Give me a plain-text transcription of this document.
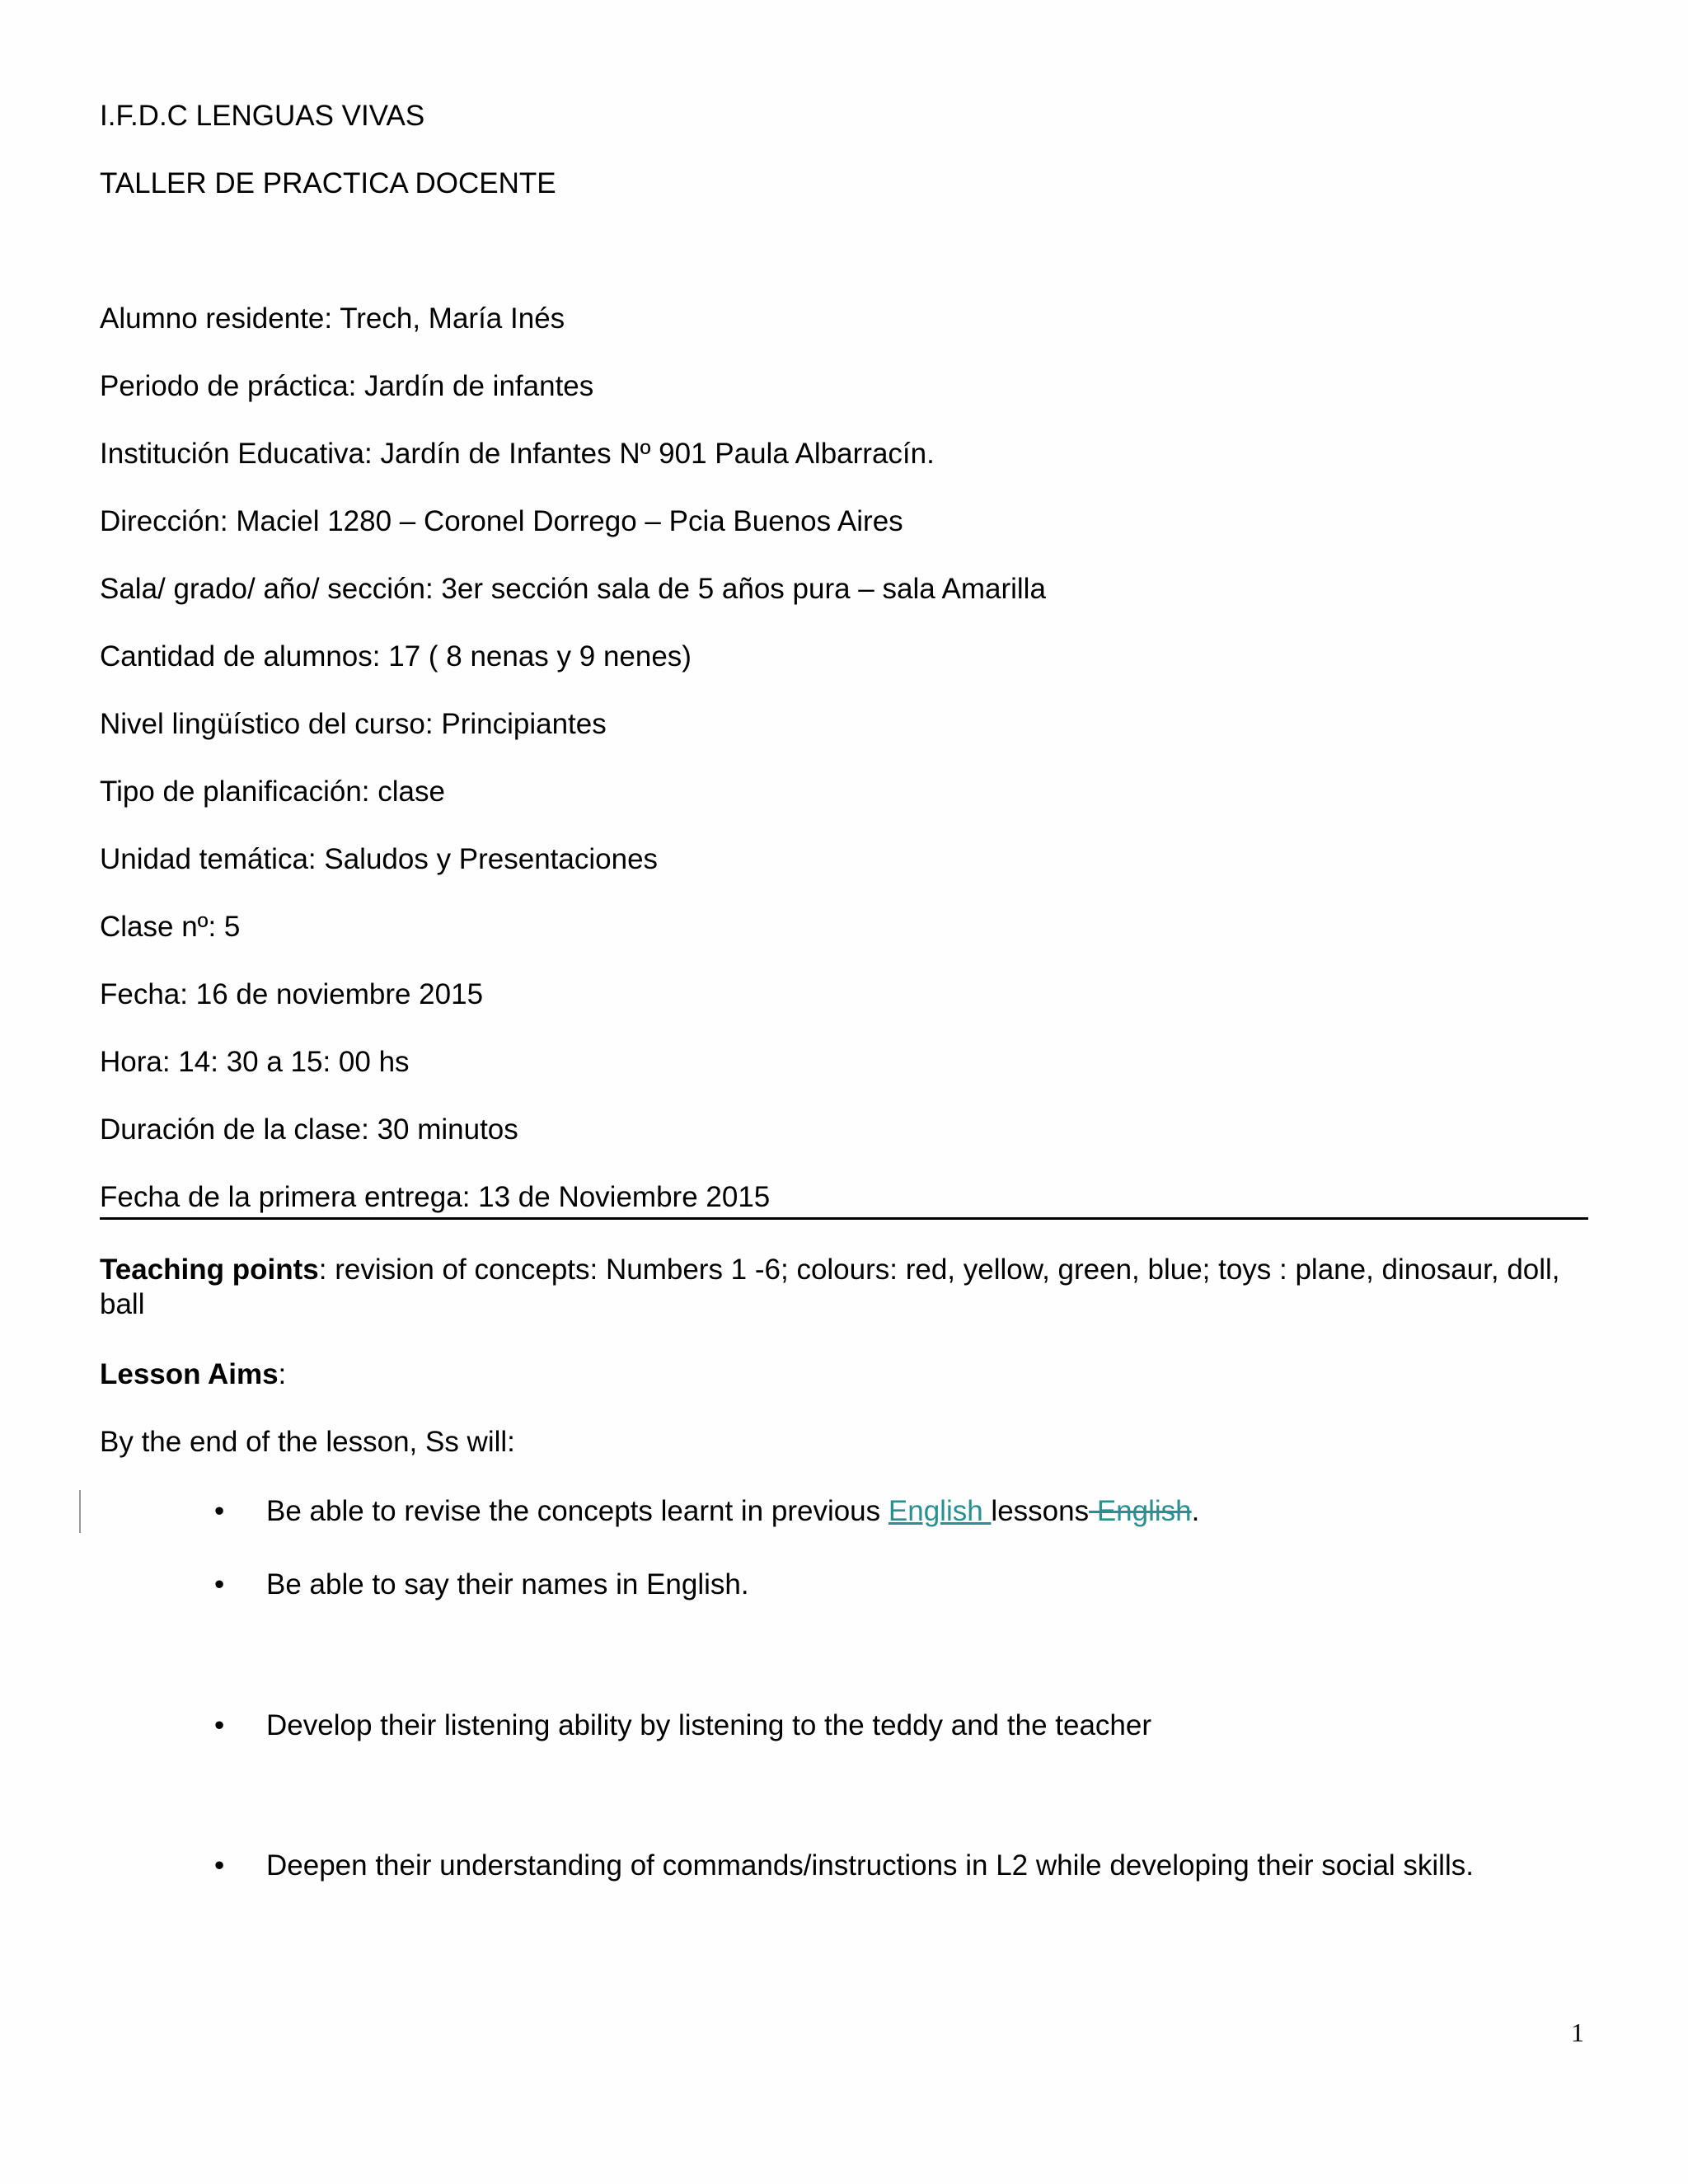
I.F.D.C LENGUAS VIVAS
TALLER DE PRACTICA DOCENTE
Alumno residente: Trech, María Inés
Periodo de práctica: Jardín de infantes
Institución Educativa: Jardín de Infantes Nº 901 Paula Albarracín.
Dirección: Maciel 1280 – Coronel Dorrego – Pcia Buenos Aires
Sala/ grado/ año/ sección: 3er sección sala de 5 años pura – sala Amarilla
Cantidad de alumnos: 17 ( 8 nenas y 9 nenes)
Nivel lingüístico del curso: Principiantes
Tipo de planificación: clase
Unidad temática: Saludos y Presentaciones
Clase nº: 5
Fecha: 16 de noviembre 2015
Hora: 14: 30 a 15: 00 hs
Duración de la clase: 30 minutos
Fecha de la primera entrega: 13 de Noviembre 2015
Teaching points: revision of concepts: Numbers 1 -6; colours: red, yellow, green, blue; toys : plane, dinosaur, doll, ball
Lesson Aims:
By the end of the lesson, Ss will:
•	Be able to revise the concepts learnt in previous English lessons English.
•	Be able to say their names in English.
•	Develop their listening ability by listening to the teddy and the teacher
•	Deepen their understanding of commands/instructions in L2 while developing their social skills.
1
